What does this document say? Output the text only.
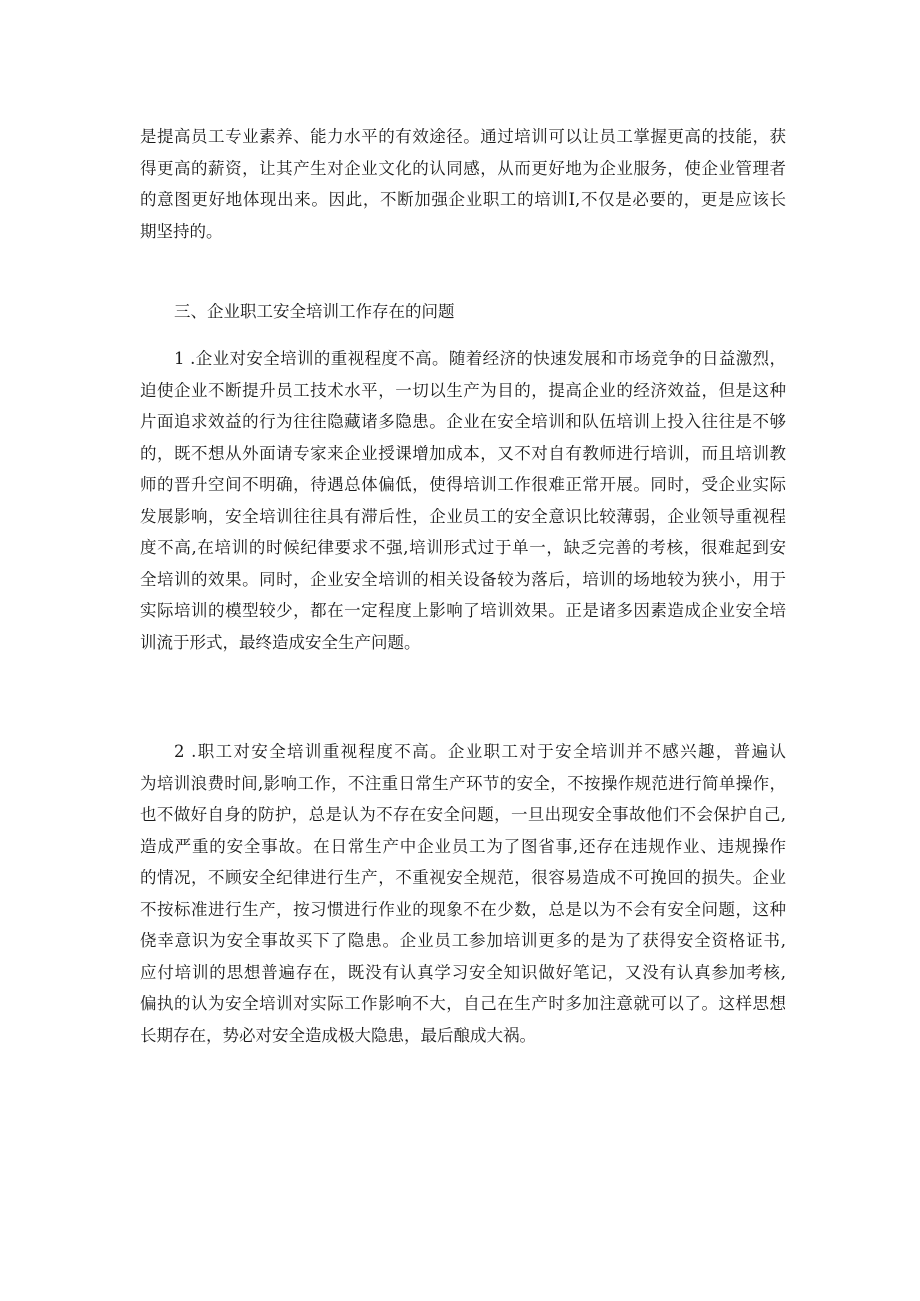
是提高员工专业素养、能力水平的有效途径。通过培训可以让员工掌握更高的技能，获
得更高的薪资，让其产生对企业文化的认同感，从而更好地为企业服务，使企业管理者
的意图更好地体现出来。因此，不断加强企业职工的培训I,不仅是必要的，更是应该长
期坚持的。
三、企业职工安全培训工作存在的问题
1 .企业对安全培训的重视程度不高。随着经济的快速发展和市场竞争的日益激烈，
迫使企业不断提升员工技术水平，一切以生产为目的，提高企业的经济效益，但是这种
片面追求效益的行为往往隐藏诸多隐患。企业在安全培训和队伍培训上投入往往是不够
的，既不想从外面请专家来企业授课增加成本，又不对自有教师进行培训，而且培训教
师的晋升空间不明确，待遇总体偏低，使得培训工作很难正常开展。同时，受企业实际
发展影响，安全培训往往具有滞后性，企业员工的安全意识比较薄弱，企业领导重视程
度不高,在培训的时候纪律要求不强,培训形式过于单一，缺乏完善的考核，很难起到安
全培训的效果。同时，企业安全培训的相关设备较为落后，培训的场地较为狭小，用于
实际培训的模型较少，都在一定程度上影响了培训效果。正是诸多因素造成企业安全培
训流于形式，最终造成安全生产问题。
2 .职工对安全培训重视程度不高。企业职工对于安全培训并不感兴趣，普遍认
为培训浪费时间,影响工作，不注重日常生产环节的安全，不按操作规范进行简单操作，
也不做好自身的防护，总是认为不存在安全问题，一旦出现安全事故他们不会保护自己,
造成严重的安全事故。在日常生产中企业员工为了图省事,还存在违规作业、违规操作
的情况，不顾安全纪律进行生产，不重视安全规范，很容易造成不可挽回的损失。企业
不按标准进行生产，按习惯进行作业的现象不在少数，总是以为不会有安全问题，这种
侥幸意识为安全事故买下了隐患。企业员工参加培训更多的是为了获得安全资格证书,
应付培训的思想普遍存在，既没有认真学习安全知识做好笔记，又没有认真参加考核,
偏执的认为安全培训对实际工作影响不大，自己在生产时多加注意就可以了。这样思想
长期存在，势必对安全造成极大隐患，最后酿成大祸。
